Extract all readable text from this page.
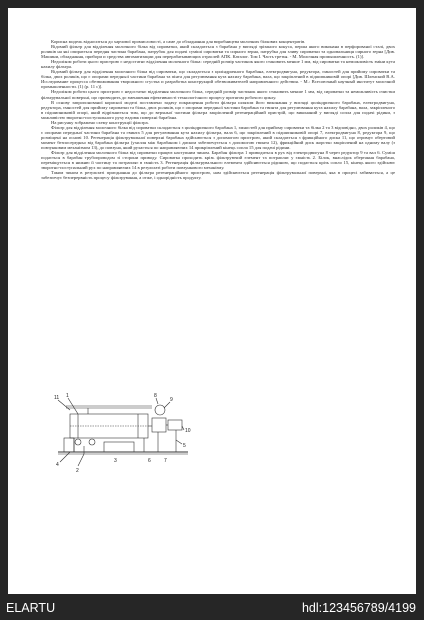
Корисна модель відноситься до харчової промисловості, а саме до обладнання для виробництва молочних білкових концентратів.

Відомий фільтр для відділення молочного білка від сироватки, який складається з барабана у вигляді зрізаного конуса, перша якого виконана в перфорованої сталі, двох роликів на які опирається передня частина барабана, патрубок для подачі суміші сироватки та сирного зерна, патрубка для зливу сироватки та одновальниця сирного зерна [Див. Машини, обладнання, прибори и средства автоматизации для перерабатывающих отраслей АПК. Каталог. Том I. Часть третья. - М. Молочная промышленность. (1)].

Недоліком роботи цього пристрою є недостатнє відділення молочного білка: середній розмір частинок якого становить менше 1 мм, від сироватки та неможливість зміни кута нахилу фільтра.

Відомий фільтр для відділення молочного білка від сироватки, що складається з циліндричного барабана, електродвигуна, редуктора, ємностей для прийому сироватки та білка, двох роликів, що є опорами передньої частини барабана та пінта для регулювання кута нахилу барабана, вала, що закріплений в підшипниковій опорі [Див. Шленский В.А. Исследование процесса обезвоживания творожного сгустка и разработка конструкций обезвоживателей направленного действия. - М.: Всесоюзный научный институт молочной промышленности. (1) (р. 11 с)].

Недоліком роботи цього пристрою є недостатнє відділення молочного білка, середній розмір частинок якого становить менше 1 мм, від сироватки та неможливість очистки фільтрувальної поверхні, що призводить до зменшення ефективності технологічного процесу протягом робочого циклу.

В основу запропонованої корисної моделі поставлено задачу покращення роботи фільтра шляхом його виконання у вигляді циліндричного барабана, електродвигуна, редуктора, ємностей для прийому сироватки та білка, двох роликів, що є опорами передньої частини барабана та гвинта для регулювання кута нахилу барабана, вала, закріпленого в підшипниковій опорі, який відрізняється тим, що до верхньої частини фільтра закріплений регенераційний пристрій, що виконаний у вигляді сопла для подачі рідини, з можливістю зворотно-поступального руху вздовж поверхні барабана.

На рисунку зображено схему конструкції фільтра.

Фільтр для відділення молочного білка від сироватки складається з циліндричного барабана 1, ємностей для прийому сироватки та білка 2 та 3 відповідно, двох роликів 4, що є опорами передньої частини барабана та гвинта 5 для регулювання кута нахилу фільтра, вала 6, що закріплений в підшипниковій опорі 7, електродвигуна 8, редуктора 9, що розміщені на основі 10. Регенерація фільтрувальної поверхні барабана здійснюється з допомогою пристрою, який складається з фрикційного диска 11, що отримує обертовий момент безпосередньо від барабана фільтра (ухилля між барабаном і диском забезпечується з допомогою гвинта 12), фрикційний диск жорстко закріплений на одному валу (з повзунковим механізмом 13), до повзуна, який рухається по направляючих 14 прикріплений кінець сопла 15 для подачі рідини.

Фільтр для відділення молочного білка від сироватки працює наступним чином. Барабан фільтра 1 приводиться в рух від електродвигуна 8 через редуктор 9 та вал 6. Суміш подається в барабан трубопроводом зі сторони приводу. Сироватка проходить крізь фільтруючий елемент та потрапляє у ємність 2. Білок, внаслідок обертання барабана, переміщується в нижню її частину та потрапляє в ємність 3. Регенерація фільтрувального елемента здійснюється рідиною, що подається крізь сопло 15, кінець якого здійснює зворотно-поступальний рух по направляючих 14 в результаті роботи повзункового механізму.

Таким чином в результаті приєднання до фільтра регенераційного пристрою, нам здійснюється регенерація фільтрувальної поверхні, яка в процесі забивається, а це забезпечує безперервність процесу фільтрування, а отже, і однорідність продукту.

11 1	8
9
10
5
6	7
4
2
3
ELARTU	hdl:123456789/4199
